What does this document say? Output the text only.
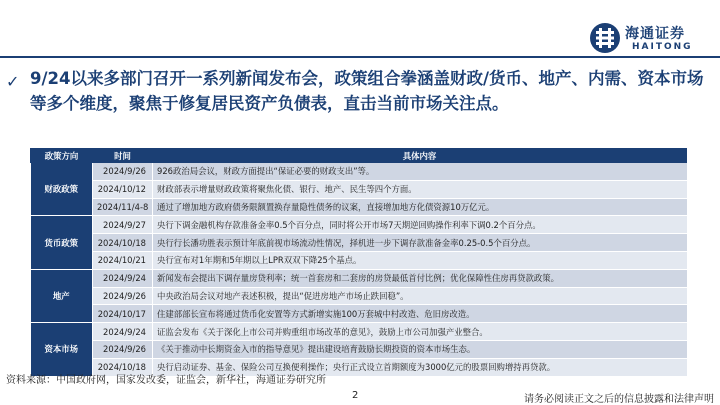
海通证券
HAITONG
✓ 9/24以来多部门召开一系列新闻发布会，政策组合拳涵盖财政/货币、地产、内需、资本市场等多个维度，聚焦于修复居民资产负债表，直击当前市场关注点。
政策方向	时间	具体内容
财政政策	2024/9/26	926政治局会议，财政方面提出“保证必要的财政支出”等。
	2024/10/12	财政部表示增量财政政策将聚焦化债、银行、地产、民生等四个方面。
	2024/11/4-8	通过了增加地方政府债务限额置换存量隐性债务的议案，直接增加地方化债资源10万亿元。
货币政策	2024/9/27	央行下调金融机构存款准备金率0.5个百分点，同时将公开市场7天期逆回购操作利率下调0.2个百分点。
	2024/10/18	央行行长潘功胜表示预计年底前视市场流动性情况，择机进一步下调存款准备金率0.25-0.5个百分点。
	2024/10/21	央行宣布对1年期和5年期以上LPR双双下降25个基点。
地产	2024/9/24	新闻发布会提出下调存量房贷利率；统一首套房和二套房的房贷最低首付比例；优化保障性住房再贷款政策。
	2024/9/26	中央政治局会议对地产表述积极，提出“促进房地产市场止跌回稳”。
	2024/10/17	住建部部长宣布将通过货币化安置等方式新增实施100万套城中村改造、危旧房改造。
资本市场	2024/9/24	证监会发布《关于深化上市公司并购重组市场改革的意见》，鼓励上市公司加强产业整合。
	2024/9/26	《关于推动中长期资金入市的指导意见》提出建设培育鼓励长期投资的资本市场生态。
	2024/10/18	央行启动证券、基金、保险公司互换便利操作；央行正式设立首期额度为3000亿元的股票回购增持再贷款。
资料来源：中国政府网，国家发改委，证监会，新华社，海通证券研究所
2	请务必阅读正文之后的信息披露和法律声明
